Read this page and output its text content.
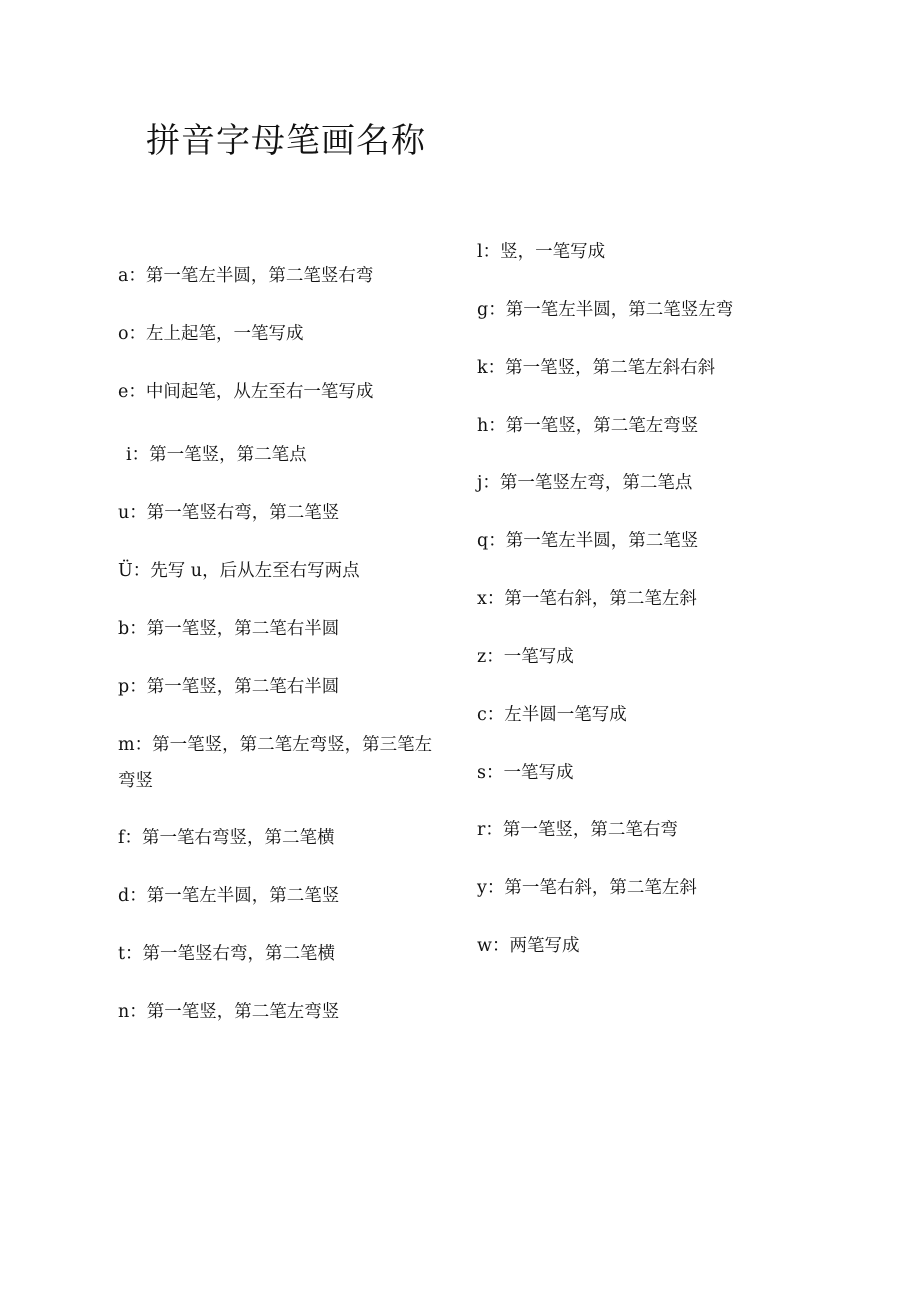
拼音字母笔画名称
a：第一笔左半圆，第二笔竖右弯
o：左上起笔，一笔写成
e：中间起笔，从左至右一笔写成
i：第一笔竖，第二笔点
u：第一笔竖右弯，第二笔竖
Ü：先写 u，后从左至右写两点
b：第一笔竖，第二笔右半圆
p：第一笔竖，第二笔右半圆
m：第一笔竖，第二笔左弯竖，第三笔左弯竖
f：第一笔右弯竖，第二笔横
d：第一笔左半圆，第二笔竖
t：第一笔竖右弯，第二笔横
n：第一笔竖，第二笔左弯竖
l：竖，一笔写成
g：第一笔左半圆，第二笔竖左弯
k：第一笔竖，第二笔左斜右斜
h：第一笔竖，第二笔左弯竖
j：第一笔竖左弯，第二笔点
q：第一笔左半圆，第二笔竖
x：第一笔右斜，第二笔左斜
z：一笔写成
c：左半圆一笔写成
s：一笔写成
r：第一笔竖，第二笔右弯
y：第一笔右斜，第二笔左斜
w：两笔写成
